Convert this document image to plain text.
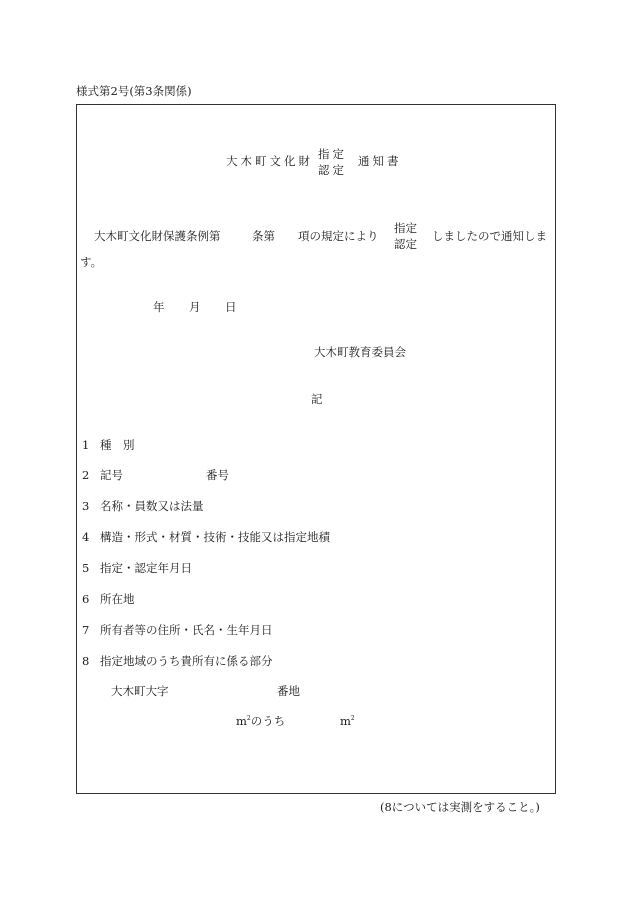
様式第2号(第3条関係)
大木町文化財 指定
認定
通知書
大木町文化財保護条例第	条第 項の規定により
指定
認定
しましたので通知しま
す。
年 月 日
大木町教育委員会
記
1 種　別
2 記号	番号
3 名称・員数又は法量
4 構造・形式・材質・技術・技能又は指定地積
5 指定・認定年月日
6 所在地
7 所有者等の住所・氏名・生年月日
8 指定地域のうち貴所有に係る部分
大木町大字	番地
$m^2$のうち	$m^2$
(8については実測をすること。)
